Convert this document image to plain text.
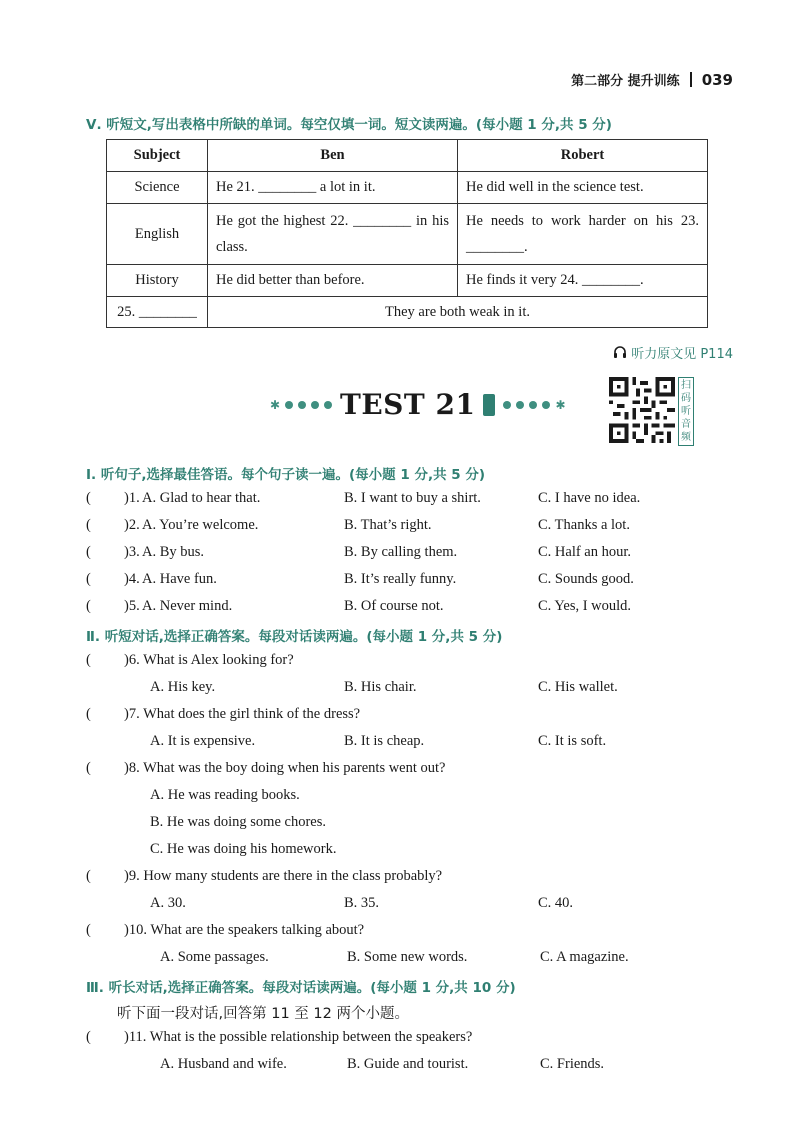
第二部分 提升训练 039
Ⅴ. 听短文,写出表格中所缺的单词。每空仅填一词。短文读两遍。(每小题 1 分,共 5 分)
Subject	Ben	Robert
Science	He 21. ________ a lot in it.	He did well in the science test.
English	He got the highest 22. ________ in his class.	He needs to work harder on his 23. ________.
History	He did better than before.	He finds it very 24. ________.
25. ________	They are both weak in it.	
听力原文见 P114
✱ TEST 21	✱
扫码听音频
Ⅰ. 听句子,选择最佳答语。每个句子读一遍。(每小题 1 分,共 5 分)
( )1. A. Glad to hear that.	B. I want to buy a shirt.	C. I have no idea.
( )2. A. You’re welcome.	B. That’s right.	C. Thanks a lot.
( )3. A. By bus.	B. By calling them.	C. Half an hour.
( )4. A. Have fun.	B. It’s really funny.	C. Sounds good.
( )5. A. Never mind.	B. Of course not.	C. Yes, I would.
Ⅱ. 听短对话,选择正确答案。每段对话读两遍。(每小题 1 分,共 5 分)
( )6. What is Alex looking for?
A. His key.	B. His chair.	C. His wallet.
( )7. What does the girl think of the dress?
A. It is expensive.	B. It is cheap.	C. It is soft.
( )8. What was the boy doing when his parents went out?
A. He was reading books.
B. He was doing some chores.
C. He was doing his homework.
( )9. How many students are there in the class probably?
A. 30.	B. 35.	C. 40.
( )10. What are the speakers talking about?
A. Some passages.	B. Some new words.	C. A magazine.
Ⅲ. 听长对话,选择正确答案。每段对话读两遍。(每小题 1 分,共 10 分)
听下面一段对话,回答第 11 至 12 两个小题。
( )11. What is the possible relationship between the speakers?
A. Husband and wife.	B. Guide and tourist.	C. Friends.
